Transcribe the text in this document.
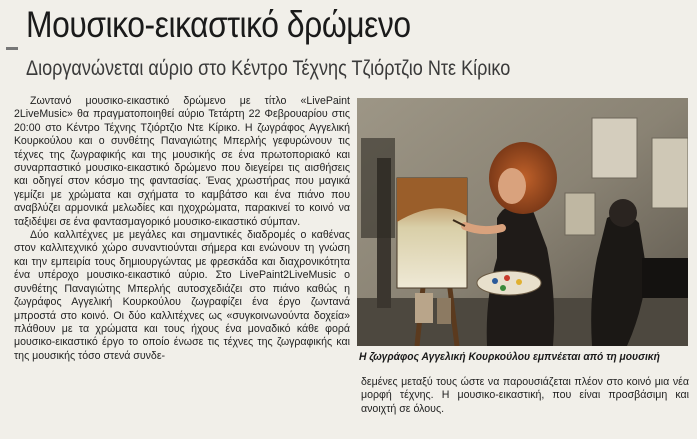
Μουσικο-εικαστικό δρώμενο
Διοργανώνεται αύριο στο Κέντρο Τέχνης Τζιόρτζιο Ντε Κίρικο

Ζωντανό μουσικο-εικαστικό δρώμενο με τίτλο «LivePaint 2LiveMusic» θα πραγματοποιηθεί αύριο Τετάρτη 22 Φεβρουαρίου στις 20:00 στο Κέντρο Τέχνης Τζιόρτζιο Ντε Κίρικο. Η ζωγράφος Αγγελική Κουρκούλου και ο συνθέτης Παναγιώτης Μπερλής γεφυρώνουν τις τέχνες της ζωγραφικής και της μουσικής σε ένα πρωτοποριακό και συναρπαστικό μουσικο-εικαστικό δρώμενο που διεγείρει τις αισθήσεις και οδηγεί στον κόσμο της φαντασίας. Ένας χρωστήρας που μαγικά γεμίζει με χρώματα και σχήματα το καμβάτσο και ένα πιάνο που αναβλύζει αρμονικά μελωδίες και ηχοχρώματα, παρακινεί το κοινό να ταξιδέψει σε ένα φαντασμαγορικό μουσικο-εικαστικό σύμπαν.

Δύο καλλιτέχνες με μεγάλες και σημαντικές διαδρομές ο καθένας στον καλλιτεχνικό χώρο συναντιούνται σήμερα και ενώνουν τη γνώση και την εμπειρία τους δημιουργώντας με φρεσκάδα και διαχρονικότητα ένα υπέροχο μουσικο-εικαστικό αύριο. Στο LivePaint2LiveMusic ο συνθέτης Παναγιώτης Μπερλής αυτοσχεδιάζει στο πιάνο καθώς η ζωγράφος Αγγελική Κουρκούλου ζωγραφίζει ένα έργο ζωντανά μπροστά στο κοινό. Οι δύο καλλιτέχνες ως «συγκοινωνούντα δοχεία» πλάθουν με τα χρώματα και τους ήχους ένα μοναδικό κάθε φορά μουσικο-εικαστικό έργο το οποίο ένωσε τις τέχνες της ζωγραφικής και της μουσικής τόσο στενά συνδε-	Η ζωγράφος Αγγελική Κουρκούλου εμπνέεται από τη μουσική

δεμένες μεταξύ τους ώστε να παρουσιάζεται πλέον στο κοινό μια νέα μορφή τέχνης. Η μουσικο-εικαστική, που είναι προσβάσιμη και ανοιχτή σε όλους.
